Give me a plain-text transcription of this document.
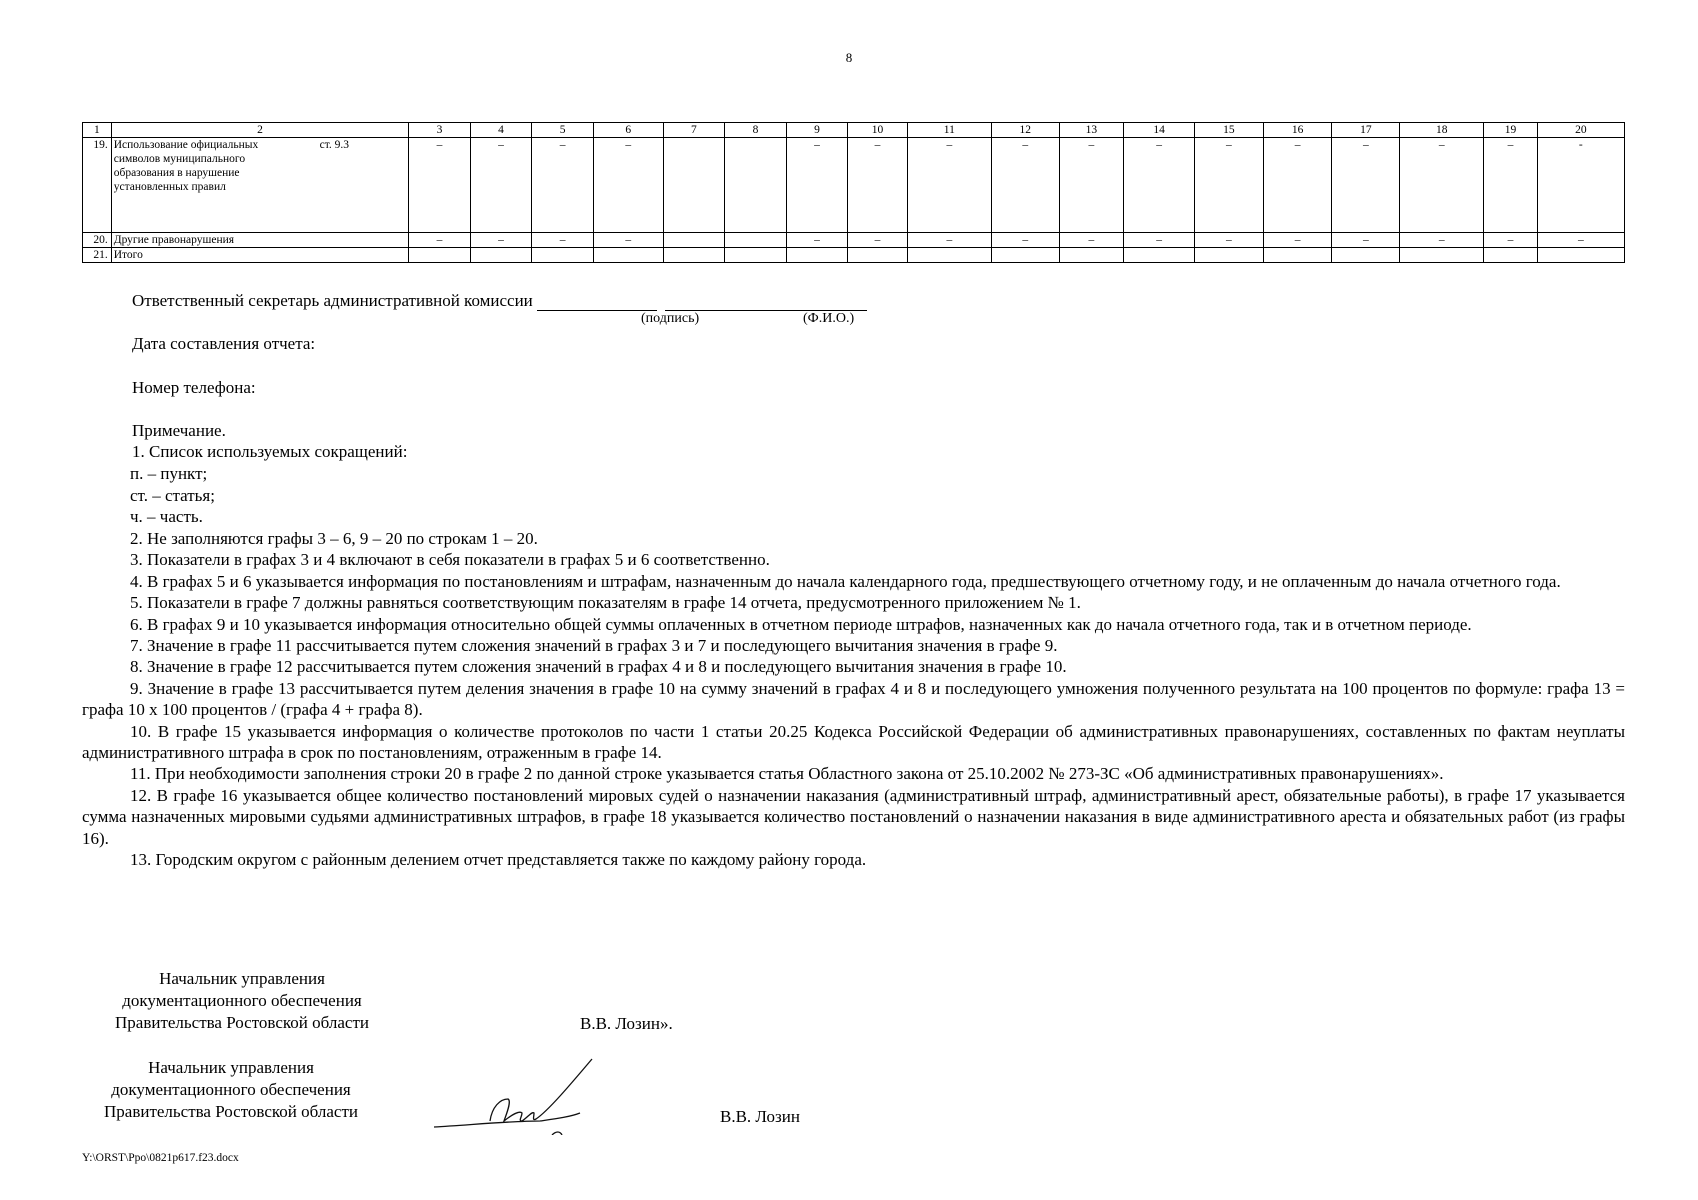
8
1	2		3	4	5	6	7	8	9	10	11	12	13	14	15	16	17	18	19	20
19.	Использование официальных символов муниципального образования в нарушение установленных правил	ст. 9.3	–	–	–	–			–	–	–	–	–	–	–	–	–	–	–	-
20.	Другие правонарушения		–	–	–	–			–	–	–	–	–	–	–	–	–	–	–	–
21.	Итого																			
Ответственный секретарь административной комиссии
(подпись)	(Ф.И.О.)
Дата составления отчета:
Номер телефона:
Примечание.
1. Список используемых сокращений:
п. – пункт;
ст. – статья;
ч. – часть.

2. Не заполняются графы 3 – 6, 9 – 20 по строкам 1 – 20.

3. Показатели в графах 3 и 4 включают в себя показатели в графах 5 и 6 соответственно.

4. В графах 5 и 6 указывается информация по постановлениям и штрафам, назначенным до начала календарного года, предшествующего отчетному году, и не оплаченным до начала отчетного года.

5. Показатели в графе 7 должны равняться соответствующим показателям в графе 14 отчета, предусмотренного приложением № 1.

6. В графах 9 и 10 указывается информация относительно общей суммы оплаченных в отчетном периоде штрафов, назначенных как до начала отчетного года, так и в отчетном периоде.

7. Значение в графе 11 рассчитывается путем сложения значений в графах 3 и 7 и последующего вычитания значения в графе 9.

8. Значение в графе 12 рассчитывается путем сложения значений в графах 4 и 8 и последующего вычитания значения в графе 10.

9. Значение в графе 13 рассчитывается путем деления значения в графе 10 на сумму значений в графах 4 и 8 и последующего умножения полученного результата на 100 процентов по формуле: графа 13 = графа 10 х 100 процентов / (графа 4 + графа 8).

10. В графе 15 указывается информация о количестве протоколов по части 1 статьи 20.25 Кодекса Российской Федерации об административных правонарушениях, составленных по фактам неуплаты административного штрафа в срок по постановлениям, отраженным в графе 14.

11. При необходимости заполнения строки 20 в графе 2 по данной строке указывается статья Областного закона от 25.10.2002 № 273-ЗС «Об административных правонарушениях».

12. В графе 16 указывается общее количество постановлений мировых судей о назначении наказания (административный штраф, административный арест, обязательные работы), в графе 17 указывается сумма назначенных мировыми судьями административных штрафов, в графе 18 указывается количество постановлений о назначении наказания в виде административного ареста и обязательных работ (из графы 16).

13. Городским округом с районным делением отчет представляется также по каждому району города.

Начальник управления
документационного обеспечения
Правительства Ростовской области	В.В. Лозин».
Начальник управления
документационного обеспечения
Правительства Ростовской области	В.В. Лозин
Y:\ORST\Ppo\0821p617.f23.docx
